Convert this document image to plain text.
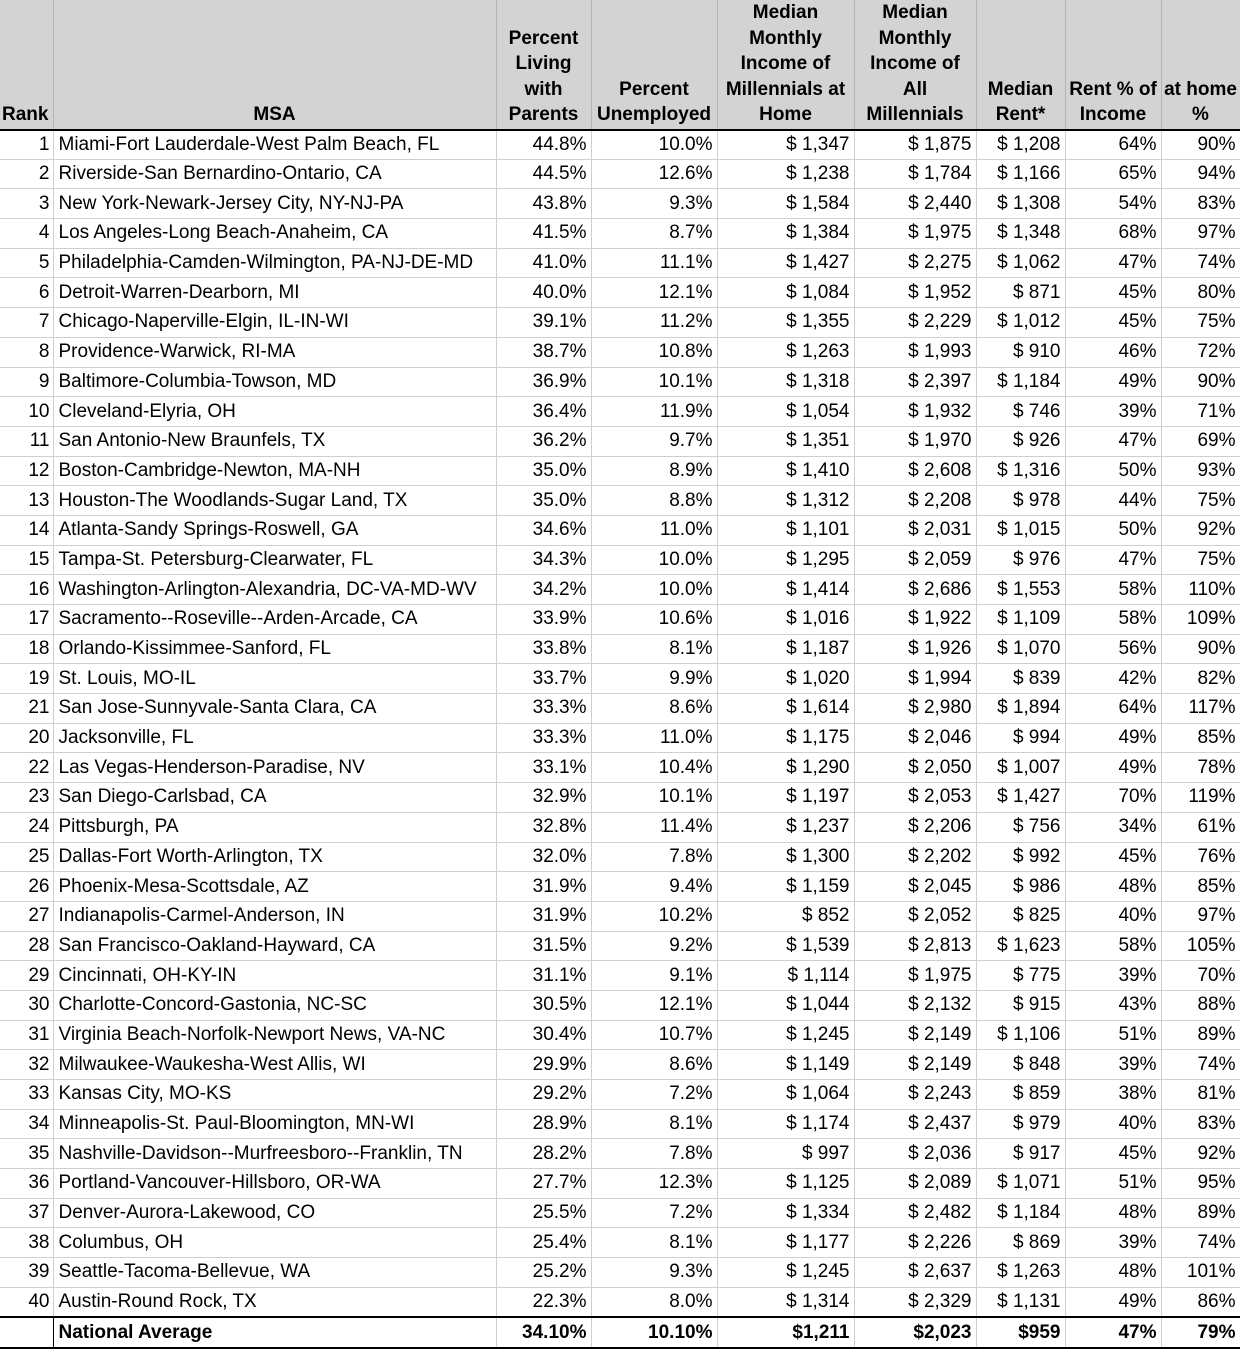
Rank	MSA	Percent Living with Parents	Percent Unemployed	Median Monthly Income of Millennials at Home	Median Monthly Income of All Millennials	Median Rent*	Rent % of Income	at home %
1	Miami-Fort Lauderdale-West Palm Beach, FL	44.8%	10.0%	$ 1,347	$ 1,875	$ 1,208	64%	90%
2	Riverside-San Bernardino-Ontario, CA	44.5%	12.6%	$ 1,238	$ 1,784	$ 1,166	65%	94%
3	New York-Newark-Jersey City, NY-NJ-PA	43.8%	9.3%	$ 1,584	$ 2,440	$ 1,308	54%	83%
4	Los Angeles-Long Beach-Anaheim, CA	41.5%	8.7%	$ 1,384	$ 1,975	$ 1,348	68%	97%
5	Philadelphia-Camden-Wilmington, PA-NJ-DE-MD	41.0%	11.1%	$ 1,427	$ 2,275	$ 1,062	47%	74%
6	Detroit-Warren-Dearborn, MI	40.0%	12.1%	$ 1,084	$ 1,952	$ 871	45%	80%
7	Chicago-Naperville-Elgin, IL-IN-WI	39.1%	11.2%	$ 1,355	$ 2,229	$ 1,012	45%	75%
8	Providence-Warwick, RI-MA	38.7%	10.8%	$ 1,263	$ 1,993	$ 910	46%	72%
9	Baltimore-Columbia-Towson, MD	36.9%	10.1%	$ 1,318	$ 2,397	$ 1,184	49%	90%
10	Cleveland-Elyria, OH	36.4%	11.9%	$ 1,054	$ 1,932	$ 746	39%	71%
11	San Antonio-New Braunfels, TX	36.2%	9.7%	$ 1,351	$ 1,970	$ 926	47%	69%
12	Boston-Cambridge-Newton, MA-NH	35.0%	8.9%	$ 1,410	$ 2,608	$ 1,316	50%	93%
13	Houston-The Woodlands-Sugar Land, TX	35.0%	8.8%	$ 1,312	$ 2,208	$ 978	44%	75%
14	Atlanta-Sandy Springs-Roswell, GA	34.6%	11.0%	$ 1,101	$ 2,031	$ 1,015	50%	92%
15	Tampa-St. Petersburg-Clearwater, FL	34.3%	10.0%	$ 1,295	$ 2,059	$ 976	47%	75%
16	Washington-Arlington-Alexandria, DC-VA-MD-WV	34.2%	10.0%	$ 1,414	$ 2,686	$ 1,553	58%	110%
17	Sacramento--Roseville--Arden-Arcade, CA	33.9%	10.6%	$ 1,016	$ 1,922	$ 1,109	58%	109%
18	Orlando-Kissimmee-Sanford, FL	33.8%	8.1%	$ 1,187	$ 1,926	$ 1,070	56%	90%
19	St. Louis, MO-IL	33.7%	9.9%	$ 1,020	$ 1,994	$ 839	42%	82%
21	San Jose-Sunnyvale-Santa Clara, CA	33.3%	8.6%	$ 1,614	$ 2,980	$ 1,894	64%	117%
20	Jacksonville, FL	33.3%	11.0%	$ 1,175	$ 2,046	$ 994	49%	85%
22	Las Vegas-Henderson-Paradise, NV	33.1%	10.4%	$ 1,290	$ 2,050	$ 1,007	49%	78%
23	San Diego-Carlsbad, CA	32.9%	10.1%	$ 1,197	$ 2,053	$ 1,427	70%	119%
24	Pittsburgh, PA	32.8%	11.4%	$ 1,237	$ 2,206	$ 756	34%	61%
25	Dallas-Fort Worth-Arlington, TX	32.0%	7.8%	$ 1,300	$ 2,202	$ 992	45%	76%
26	Phoenix-Mesa-Scottsdale, AZ	31.9%	9.4%	$ 1,159	$ 2,045	$ 986	48%	85%
27	Indianapolis-Carmel-Anderson, IN	31.9%	10.2%	$ 852	$ 2,052	$ 825	40%	97%
28	San Francisco-Oakland-Hayward, CA	31.5%	9.2%	$ 1,539	$ 2,813	$ 1,623	58%	105%
29	Cincinnati, OH-KY-IN	31.1%	9.1%	$ 1,114	$ 1,975	$ 775	39%	70%
30	Charlotte-Concord-Gastonia, NC-SC	30.5%	12.1%	$ 1,044	$ 2,132	$ 915	43%	88%
31	Virginia Beach-Norfolk-Newport News, VA-NC	30.4%	10.7%	$ 1,245	$ 2,149	$ 1,106	51%	89%
32	Milwaukee-Waukesha-West Allis, WI	29.9%	8.6%	$ 1,149	$ 2,149	$ 848	39%	74%
33	Kansas City, MO-KS	29.2%	7.2%	$ 1,064	$ 2,243	$ 859	38%	81%
34	Minneapolis-St. Paul-Bloomington, MN-WI	28.9%	8.1%	$ 1,174	$ 2,437	$ 979	40%	83%
35	Nashville-Davidson--Murfreesboro--Franklin, TN	28.2%	7.8%	$ 997	$ 2,036	$ 917	45%	92%
36	Portland-Vancouver-Hillsboro, OR-WA	27.7%	12.3%	$ 1,125	$ 2,089	$ 1,071	51%	95%
37	Denver-Aurora-Lakewood, CO	25.5%	7.2%	$ 1,334	$ 2,482	$ 1,184	48%	89%
38	Columbus, OH	25.4%	8.1%	$ 1,177	$ 2,226	$ 869	39%	74%
39	Seattle-Tacoma-Bellevue, WA	25.2%	9.3%	$ 1,245	$ 2,637	$ 1,263	48%	101%
40	Austin-Round Rock, TX	22.3%	8.0%	$ 1,314	$ 2,329	$ 1,131	49%	86%
	National Average	34.10%	10.10%	$1,211	$2,023	$959	47%	79%
